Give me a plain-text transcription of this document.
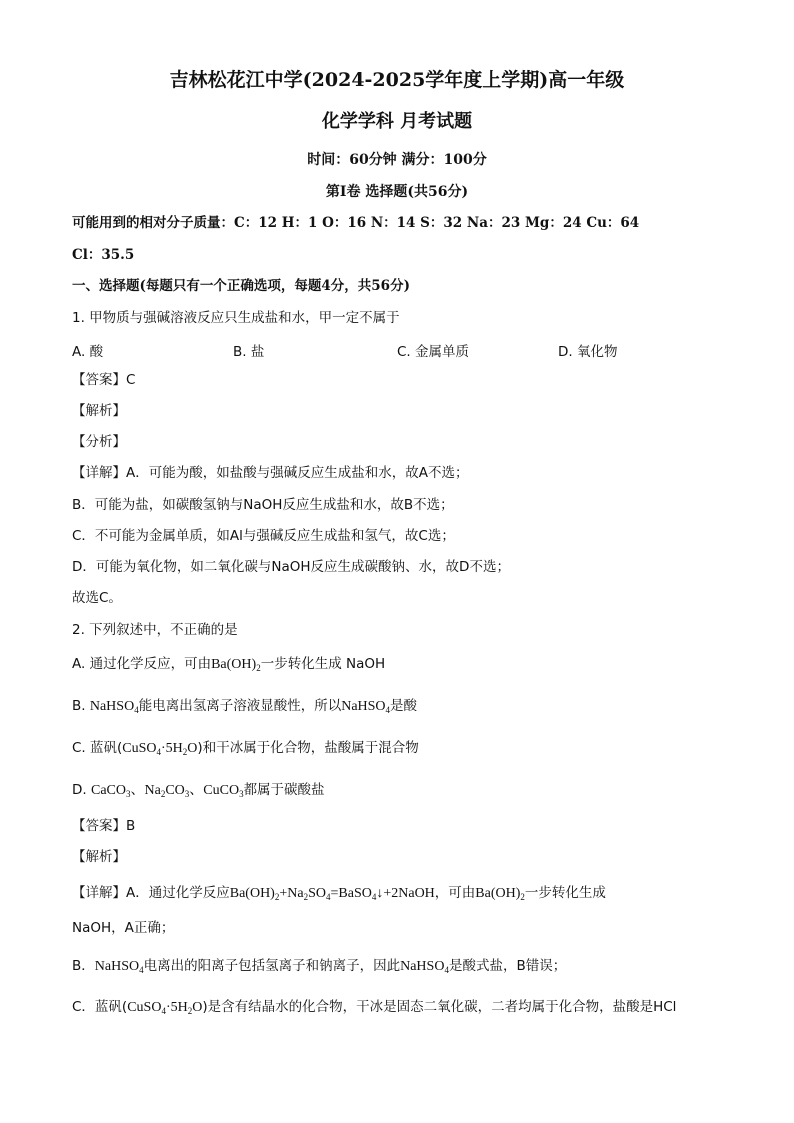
吉林松花江中学(2024-2025学年度上学期)高一年级
化学学科 月考试题
时间：60分钟 满分：100分
第I卷 选择题(共56分)
可能用到的相对分子质量：C：12 H：1 O：16 N：14 S：32 Na：23 Mg：24 Cu：64
Cl：35.5
一、选择题(每题只有一个正确选项，每题4分，共56分)
1. 甲物质与强碱溶液反应只生成盐和水，甲一定不属于
A. 酸	B. 盐	C. 金属单质	D. 氧化物
【答案】C
【解析】
【分析】
【详解】A．可能为酸，如盐酸与强碱反应生成盐和水，故A不选；
B．可能为盐，如碳酸氢钠与NaOH反应生成盐和水，故B不选；
C．不可能为金属单质，如Al与强碱反应生成盐和氢气，故C选；
D．可能为氧化物，如二氧化碳与NaOH反应生成碳酸钠、水，故D不选；
故选C。
2. 下列叙述中，不正确的是
A. 通过化学反应，可由$Ba(OH)_2$一步转化生成 NaOH
B. NaHSO$_4$能电离出氢离子溶液显酸性，所以NaHSO$_4$是酸
C. 蓝矾$(CuSO_4\cdot 5H_2O)$和干冰属于化合物，盐酸属于混合物
D. CaCO$_3$、$Na_2CO_3$、CuCO$_3$都属于碳酸盐
【答案】B
【解析】
【详解】A．通过化学反应$Ba(OH)_2+Na_2SO_4=BaSO_4↓+2NaOH$，可由$Ba(OH)_2$一步转化生成
NaOH，A正确；
B．NaHSO$_4$电离出的阳离子包括氢离子和钠离子，因此NaHSO$_4$是酸式盐，B错误；
C．蓝矾$(CuSO_4\cdot 5H_2O)$是含有结晶水的化合物，干冰是固态二氧化碳，二者均属于化合物，盐酸是HCl
